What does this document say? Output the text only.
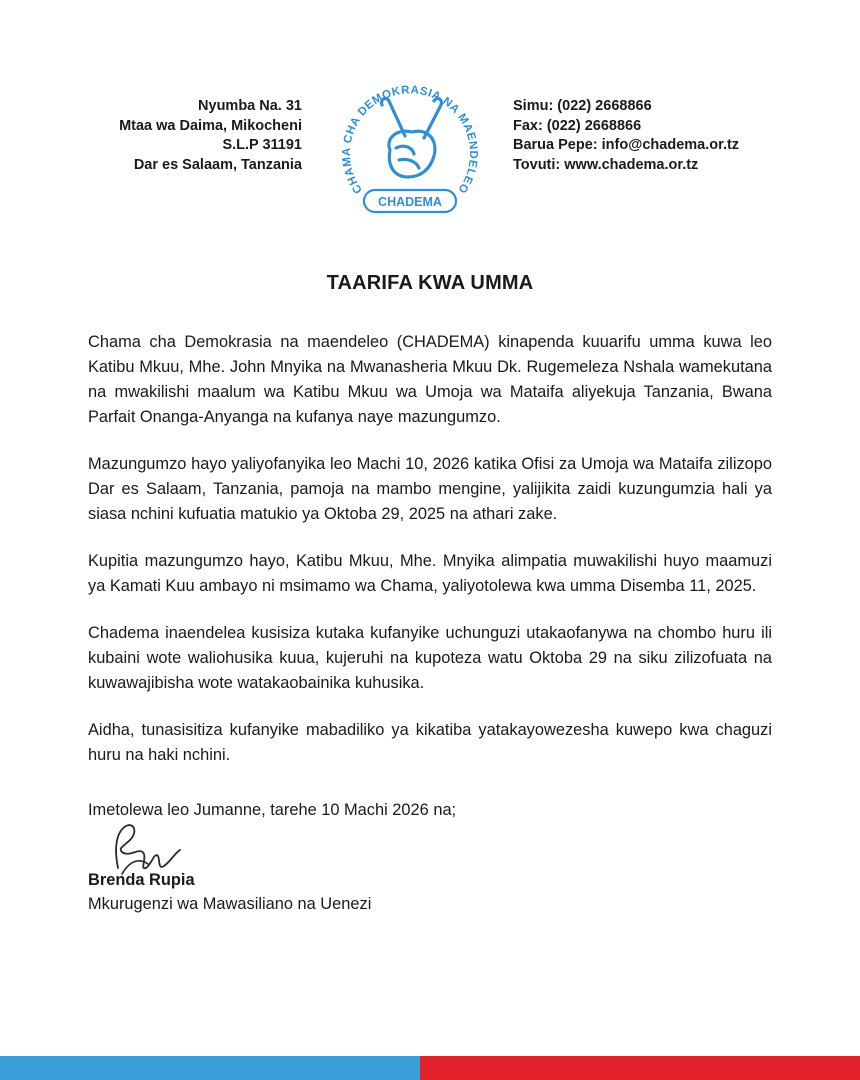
Nyumba Na. 31
Mtaa wa Daima, Mikocheni
S.L.P 31191
Dar es Salaam, Tanzania
CHAMA CHA DEMOKRASIA NA MAENDELEO
CHADEMA
Simu: (022) 2668866
Fax: (022) 2668866
Barua Pepe: info@chadema.or.tz
Tovuti: www.chadema.or.tz
TAARIFA KWA UMMA

Chama cha Demokrasia na maendeleo (CHADEMA) kinapenda kuuarifu umma kuwa leo Katibu Mkuu, Mhe. John Mnyika na Mwanasheria Mkuu Dk. Rugemeleza Nshala wamekutana na mwakilishi maalum wa Katibu Mkuu wa Umoja wa Mataifa aliyekuja Tanzania, Bwana Parfait Onanga-Anyanga na kufanya naye mazungumzo.

Mazungumzo hayo yaliyofanyika leo Machi 10, 2026 katika Ofisi za Umoja wa Mataifa zilizopo Dar es Salaam, Tanzania, pamoja na mambo mengine, yalijikita zaidi kuzungumzia hali ya siasa nchini kufuatia matukio ya Oktoba 29, 2025 na athari zake.

Kupitia mazungumzo hayo, Katibu Mkuu, Mhe. Mnyika alimpatia muwakilishi huyo maamuzi ya Kamati Kuu ambayo ni msimamo wa Chama, yaliyotolewa kwa umma Disemba 11, 2025.

Chadema inaendelea kusisiza kutaka kufanyike uchunguzi utakaofanywa na chombo huru ili kubaini wote waliohusika kuua, kujeruhi na kupoteza watu Oktoba 29 na siku zilizofuata na kuwawajibisha wote watakaobainika kuhusika.

Aidha, tunasisitiza kufanyike mabadiliko ya kikatiba yatakayowezesha kuwepo kwa chaguzi huru na haki nchini.

Imetolewa leo Jumanne, tarehe 10 Machi 2026 na;
Brenda Rupia
Mkurugenzi wa Mawasiliano na Uenezi
